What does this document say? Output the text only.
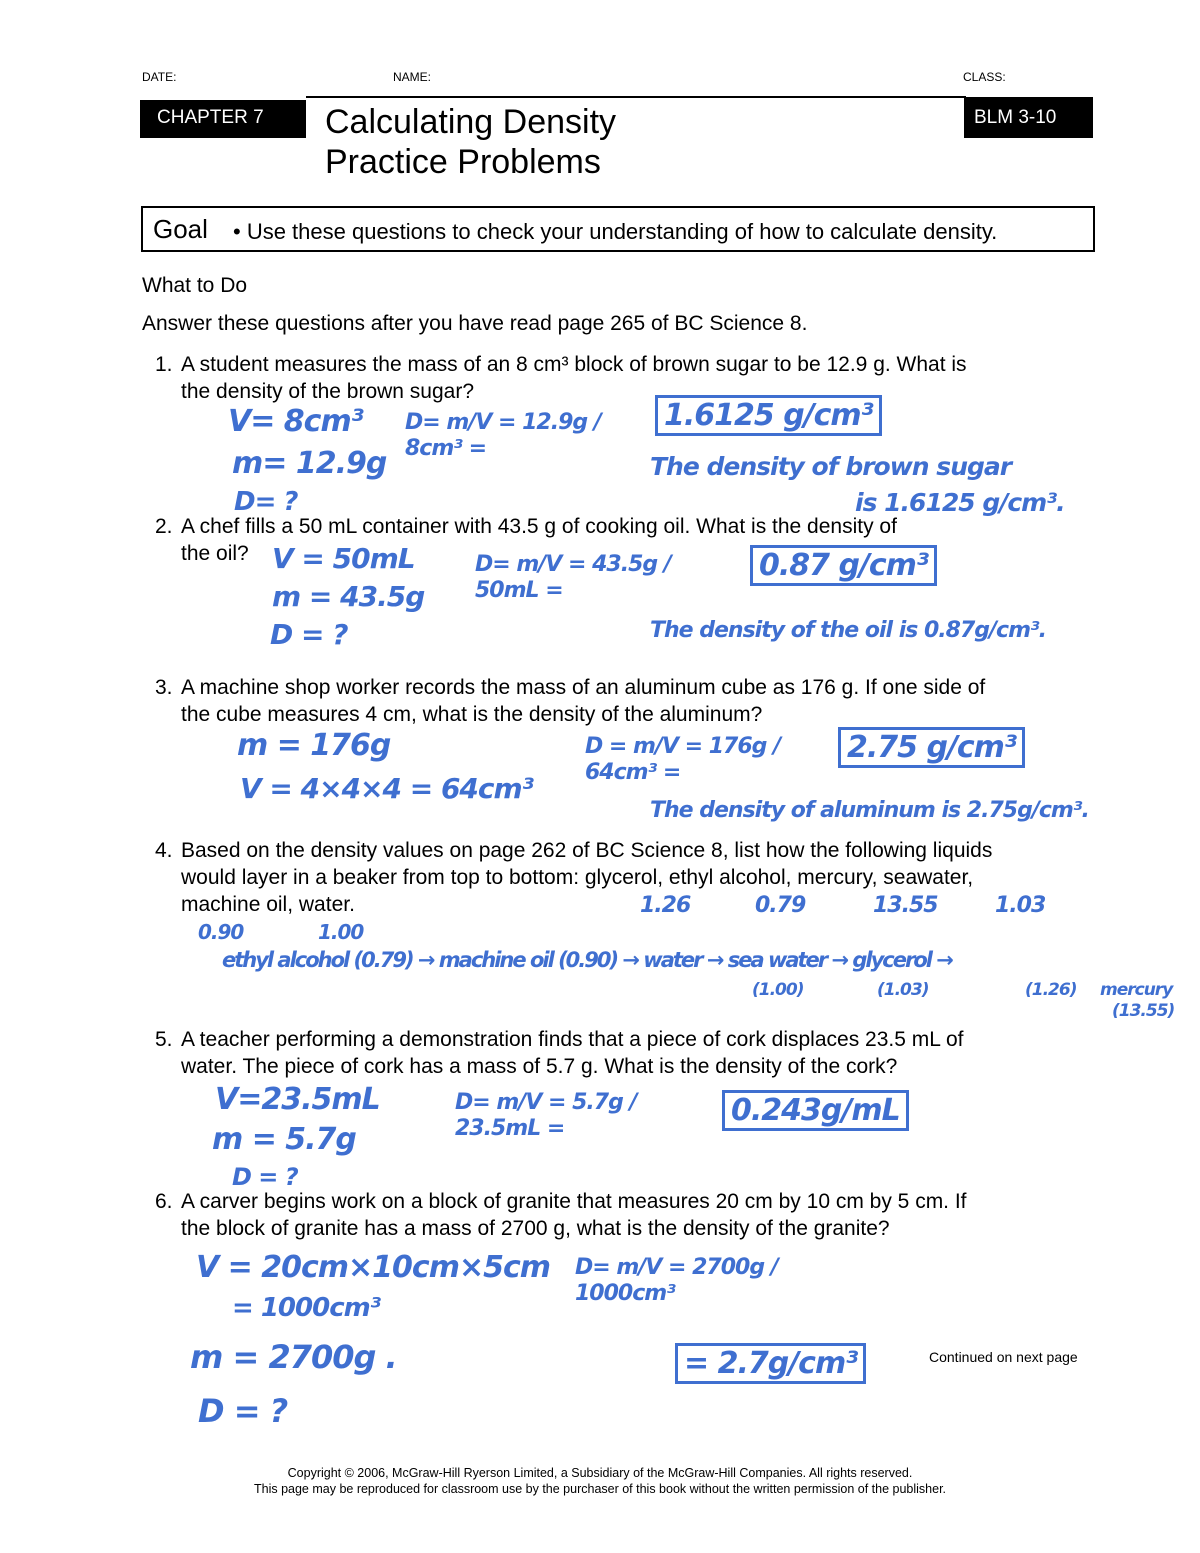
DATE:	NAME:	CLASS:
CHAPTER 7	BLM 3-10
Calculating Density
Practice Problems
Goal • Use these questions to check your understanding of how to calculate density.
What to Do
Answer these questions after you have read page 265 of BC Science 8.
1. A student measures the mass of an 8 cm³ block of brown sugar to be 12.9 g. What is
the density of the brown sugar?
V= 8cm³
m= 12.9g
D= ?
D= m/V = 12.9g / 8cm³ =
1.6125 g/cm³
The density of brown sugar
is 1.6125 g/cm³.
2. A chef fills a 50 mL container with 43.5 g of cooking oil. What is the density of
the oil? V = 50mL
m = 43.5g
D = ?
D= m/V = 43.5g / 50mL =
0.87 g/cm³
The density of the oil is 0.87g/cm³.
3. A machine shop worker records the mass of an aluminum cube as 176 g. If one side of
the cube measures 4 cm, what is the density of the aluminum?
m = 176g
V = 4×4×4 = 64cm³
D = m/V = 176g / 64cm³ =
2.75 g/cm³
The density of aluminum is 2.75g/cm³.
4. Based on the density values on page 262 of BC Science 8, list how the following liquids
would layer in a beaker from top to bottom: glycerol, ethyl alcohol, mercury, seawater,
machine oil, water.	1.26	0.79	13.55	1.03
0.90	1.00
ethyl alcohol (0.79) → machine oil (0.90) → water → sea water → glycerol →
(1.00)	(1.03)	(1.26) mercury
(13.55)
5. A teacher performing a demonstration finds that a piece of cork displaces 23.5 mL of
water. The piece of cork has a mass of 5.7 g. What is the density of the cork?
V=23.5mL
m = 5.7g
D = ?
D= m/V = 5.7g / 23.5mL =
0.243g/mL
6. A carver begins work on a block of granite that measures 20 cm by 10 cm by 5 cm. If
the block of granite has a mass of 2700 g, what is the density of the granite?
V = 20cm×10cm×5cm
= 1000cm³
m = 2700g .
D = ?
D= m/V = 2700g / 1000cm³
= 2.7g/cm³	Continued on next page
Copyright © 2006, McGraw-Hill Ryerson Limited, a Subsidiary of the McGraw-Hill Companies. All rights reserved.
This page may be reproduced for classroom use by the purchaser of this book without the written permission of the publisher.
